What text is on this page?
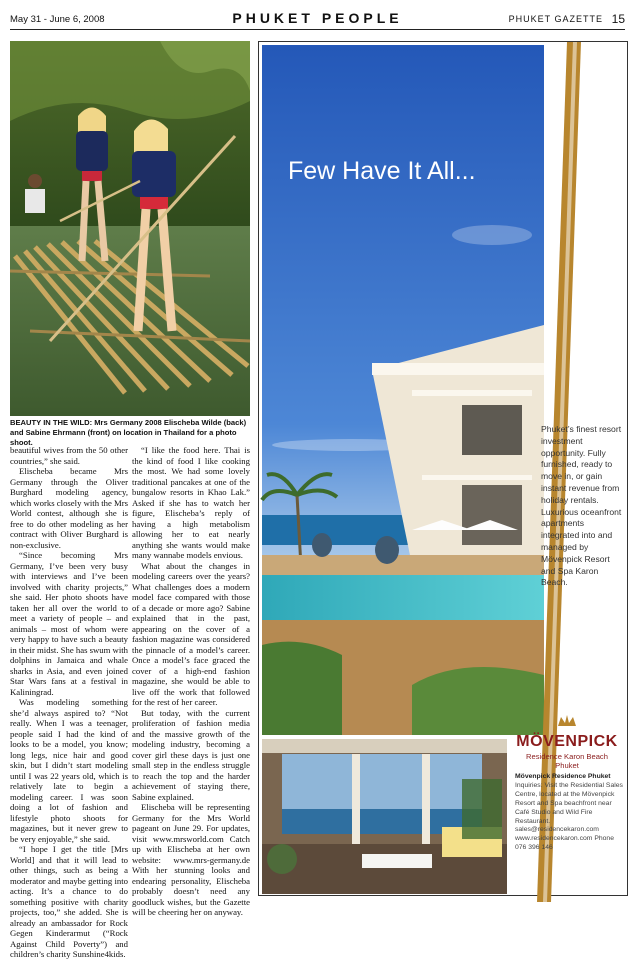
May 31 - June 6, 2008	PHUKET PEOPLE	PHUKET GAZETTE 15
BEAUTY IN THE WILD: Mrs Germany 2008 Elischeba Wilde (back) and Sabine Ehrmann (front) on location in Thailand for a photo shoot.

beautiful wives from the 50 other countries,” she said.

Elischeba became Mrs Germany through the Oliver Burghard modeling agency, which works closely with the Mrs World contest, although she is free to do other modeling as her contract with Oliver Burghard is non-exclusive.

“Since becoming Mrs Germany, I’ve been very busy with interviews and I’ve been involved with charity projects,” she said. Her photo shoots have taken her all over the world to meet a variety of people – and animals – most of whom were very happy to have such a beauty in their midst. She has swum with dolphins in Jamaica and whale sharks in Asia, and even joined Star Wars fans at a festival in Kaliningrad.

Was modeling something she’d always aspired to? “Not really. When I was a teenager, people said I had the kind of looks to be a model, you know; long legs, nice hair and good skin, but I didn’t start modeling until I was 22 years old, which is relatively late to begin a modeling career. I was soon doing a lot of fashion and lifestyle photo shoots for magazines, but it never grew to be very enjoyable,” she said.

“I hope I get the title [Mrs World] and that it will lead to other things, such as being a moderator and maybe getting into acting. It’s a chance to do something positive with charity projects, too,” she added. She is already an ambassador for Rock Gegen Kinderarmut (“Rock Against Child Poverty”) and children’s charity Sunshine4kids.

“I like the food here. Thai is the kind of food I like cooking the most. We had some lovely traditional pancakes at one of the bungalow resorts in Khao Lak.” Asked if she has to watch her figure, Elischeba’s reply of having a high metabolism allowing her to eat nearly anything she wants would make many wannabe models envious.

What about the changes in modeling careers over the years? What challenges does a modern model face compared with those of a decade or more ago? Sabine explained that in the past, appearing on the cover of a fashion magazine was considered the pinnacle of a model’s career. Once a model’s face graced the cover of a high-end fashion magazine, she would be able to live off the work that followed for the rest of her career.

But today, with the current proliferation of fashion media and the massive growth of the modeling industry, becoming a cover girl these days is just one small step in the endless struggle to reach the top and the harder achievement of staying there, Sabine explained.

Elischeba will be representing Germany for the Mrs World pageant on June 29. For updates, visit www.mrsworld.com Catch up with Elischeba at her own website: www.mrs-germany.de With her stunning looks and endearing personality, Elischeba probably doesn’t need any goodluck wishes, but the Gazette will be cheering her on anyway.

Few Have It All...
Phuket’s finest resort investment opportunity. Fully furnished, ready to move in, or gain instant revenue from holiday rentals. Luxurious oceanfront apartments integrated into and managed by Mövenpick Resort and Spa Karon Beach.
MÖVENPICK
Residence Karon Beach
Phuket
Mövenpick Residence Phuket
Inquiries: Visit the Residential Sales Centre, located at the Mövenpick Resort and Spa beachfront near Café Studio and Wild Fire Restaurant. sales@residencekaron.com www.residencekaron.com Phone 076 396 146
